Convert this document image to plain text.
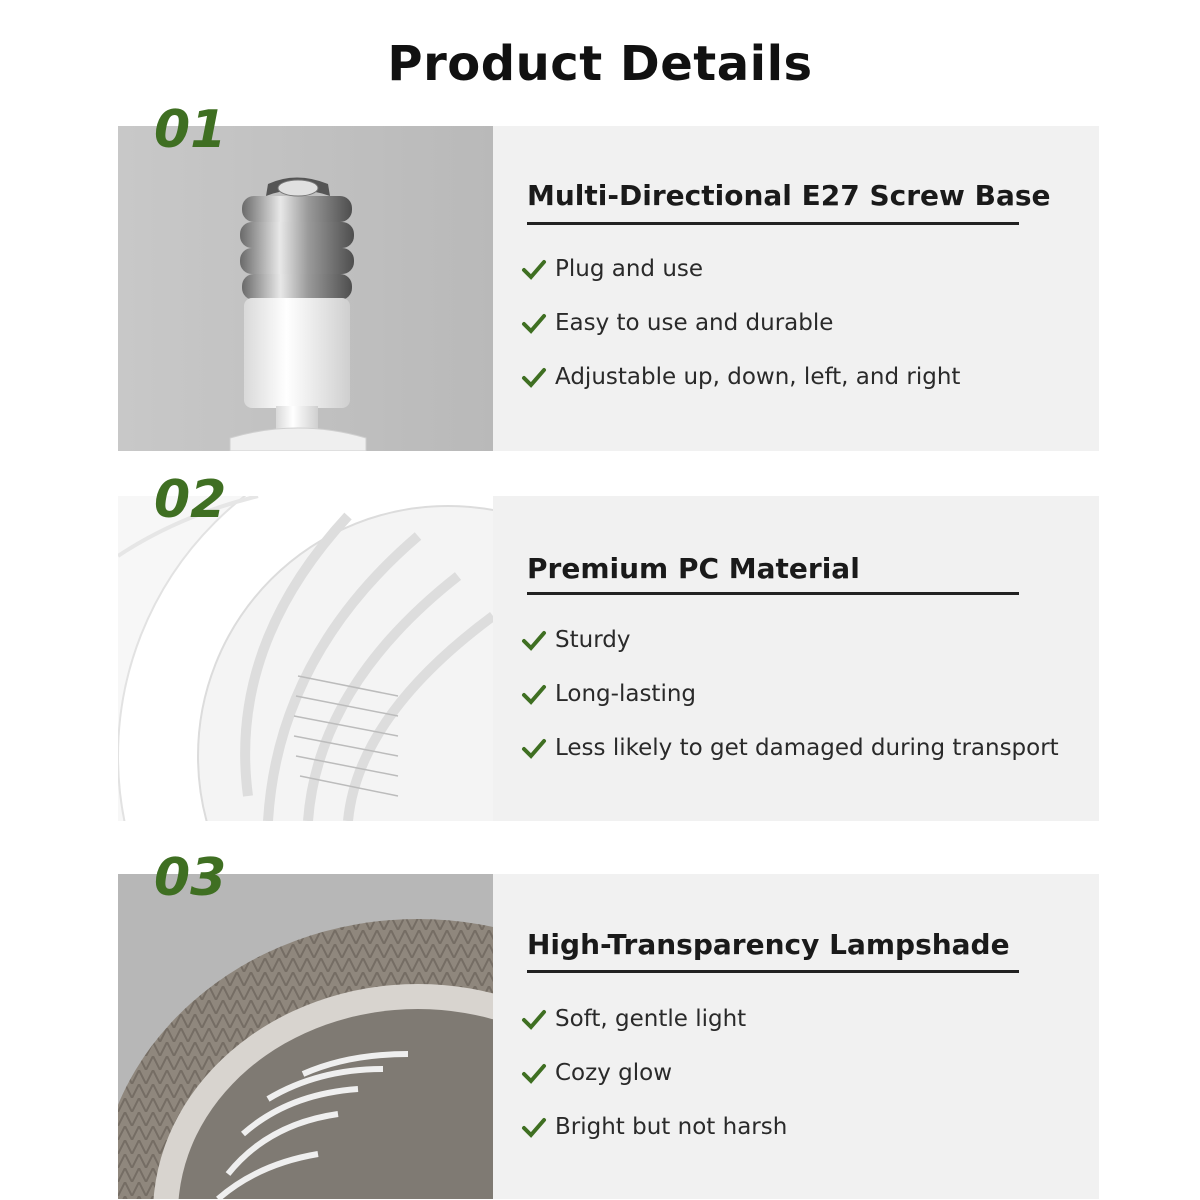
Product Details
01
Multi-Directional E27 Screw Base
Plug and use
Easy to use and durable
Adjustable up, down, left, and right
02
Premium PC Material
Sturdy
Long-lasting
Less likely to get damaged during transport
03
High-Transparency Lampshade
Soft, gentle light
Cozy glow
Bright but not harsh
